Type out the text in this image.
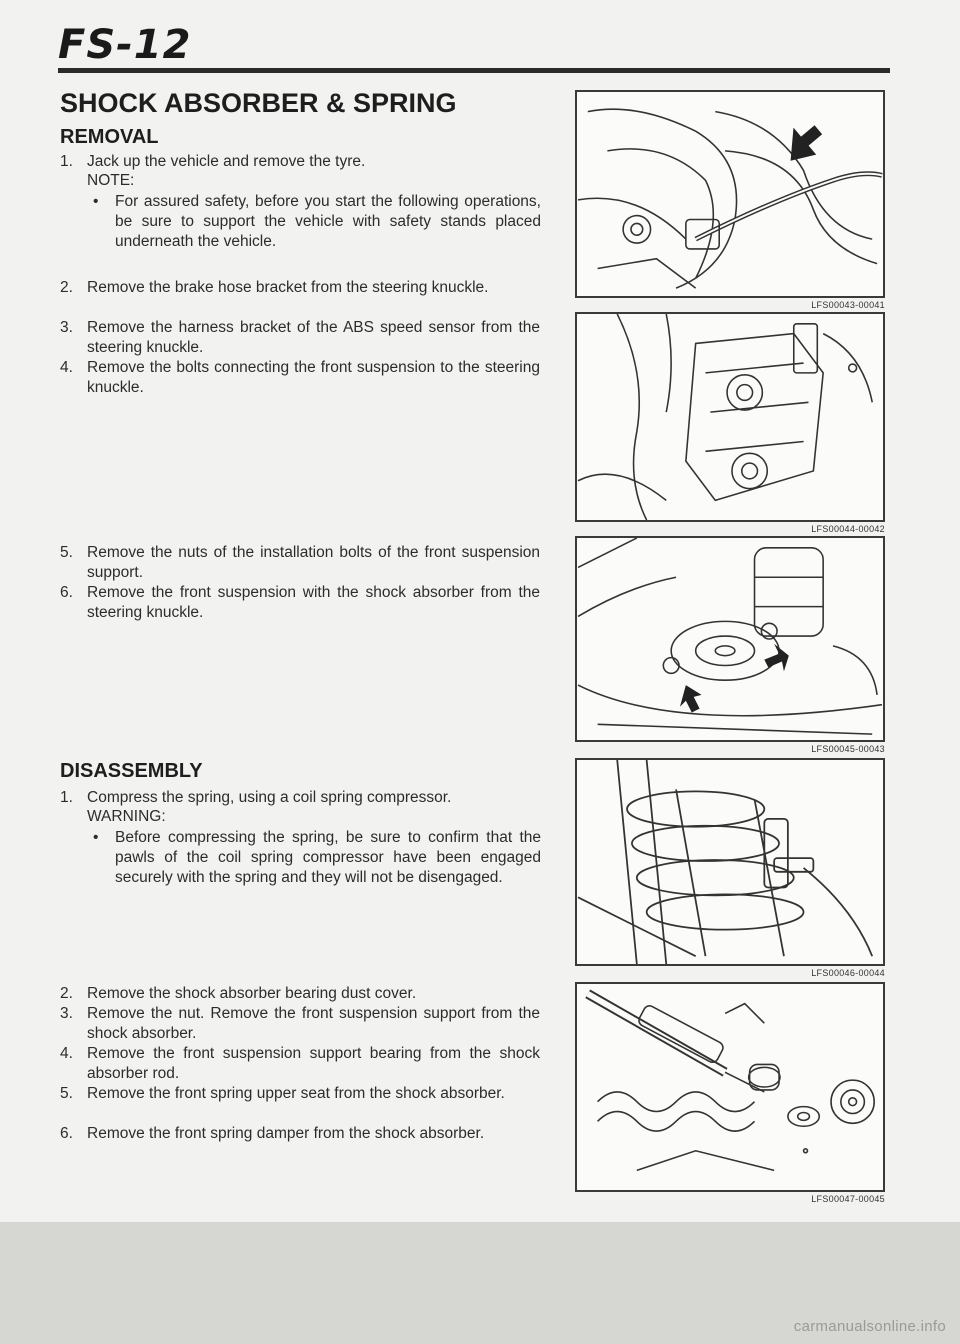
FS-12
SHOCK ABSORBER & SPRING
REMOVAL
1. Jack up the vehicle and remove the tyre.
NOTE:
• For assured safety, before you start the following operations, be sure to support the vehicle with safety stands placed underneath the vehicle.
2. Remove the brake hose bracket from the steering knuckle.
3. Remove the harness bracket of the ABS speed sensor from the steering knuckle.
4. Remove the bolts connecting the front suspension to the steering knuckle.
5. Remove the nuts of the installation bolts of the front suspension support.
6. Remove the front suspension with the shock absorber from the steering knuckle.
DISASSEMBLY
1. Compress the spring, using a coil spring compressor.
WARNING:
• Before compressing the spring, be sure to confirm that the pawls of the coil spring compressor have been engaged securely with the spring and they will not be disengaged.
2. Remove the shock absorber bearing dust cover.
3. Remove the nut. Remove the front suspension support from the shock absorber.
4. Remove the front suspension support bearing from the shock absorber rod.
5. Remove the front spring upper seat from the shock absorber.
6. Remove the front spring damper from the shock absorber.
LFS00043-00041
LFS00044-00042
LFS00045-00043
LFS00046-00044
LFS00047-00045
carmanualsonline.info
